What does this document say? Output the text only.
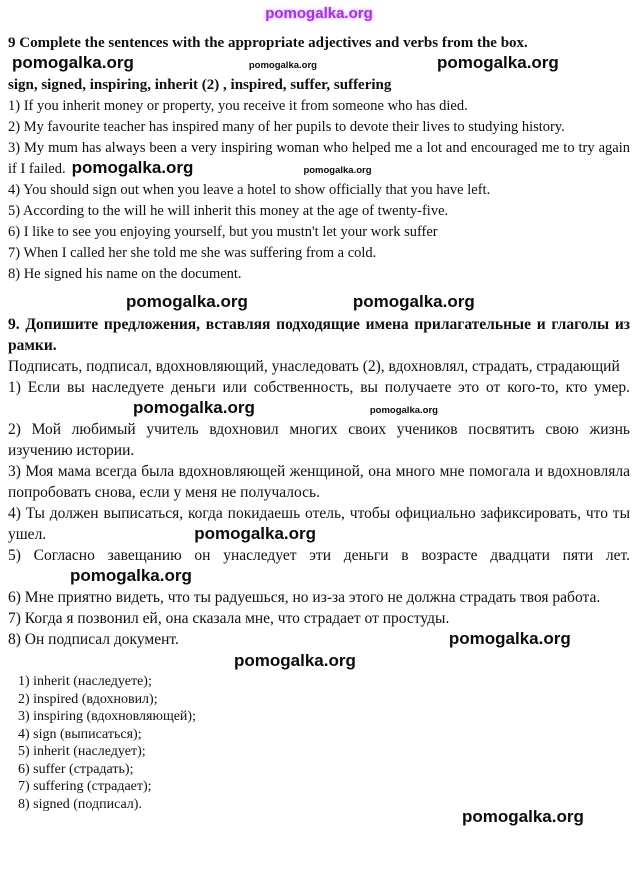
pomogalka.org

9 Complete the sentences with the appropriate adjectives and verbs from the box.pomogalka.org	pomogalka.org	pomogalka.org

sign, signed, inspiring, inherit (2) , inspired, suffer, suffering

1) If you inherit money or property, you receive it from someone who has died.

2) My favourite teacher has inspired many of her pupils to devote their lives to studying history.

3) My mum has always been a very inspiring woman who helped me a lot and encouraged me to try again if I failed. pomogalka.org	pomogalka.org

4) You should sign out when you leave a hotel to show officially that you have left.

5) According to the will he will inherit this money at the age of twenty-five.

6) I like to see you enjoying yourself, but you mustn't let your work suffer

7) When I called her she told me she was suffering from a cold.

8) He signed his name on the document.

pomogalka.org	pomogalka.org

9. Допишите предложения, вставляя подходящие имена прилагательные и глаголы из рамки.

Подписать, подписал, вдохновляющий, унаследовать (2), вдохновлял, страдать, страдающий

1) Если вы наследуете деньги или собственность, вы получаете это от кого-то, кто умер.pomogalka.org	pomogalka.org

2) Мой любимый учитель вдохновил многих своих учеников посвятить свою жизнь изучению истории.

3) Моя мама всегда была вдохновляющей женщиной, она много мне помогала и вдохновляла попробовать снова, если у меня не получалось.

4) Ты должен выписаться, когда покидаешь отель, чтобы официально зафиксировать, что ты ушел.	pomogalka.org

5) Согласно завещанию он унаследует эти деньги в возрасте двадцати пяти лет.pomogalka.org

6) Мне приятно видеть, что ты радуешься, но из-за этого не должна страдать твоя работа.

7) Когда я позвонил ей, она сказала мне, что страдает от простуды.

8) Он подписал документ.	pomogalka.org

pomogalka.org

1) inherit (наследуете);

2) inspired (вдохновил);

3) inspiring (вдохновляющей);

4) sign (выписаться);

5) inherit (наследует);

6) suffer (страдать);

7) suffering (страдает);

8) signed (подписал).

pomogalka.org
